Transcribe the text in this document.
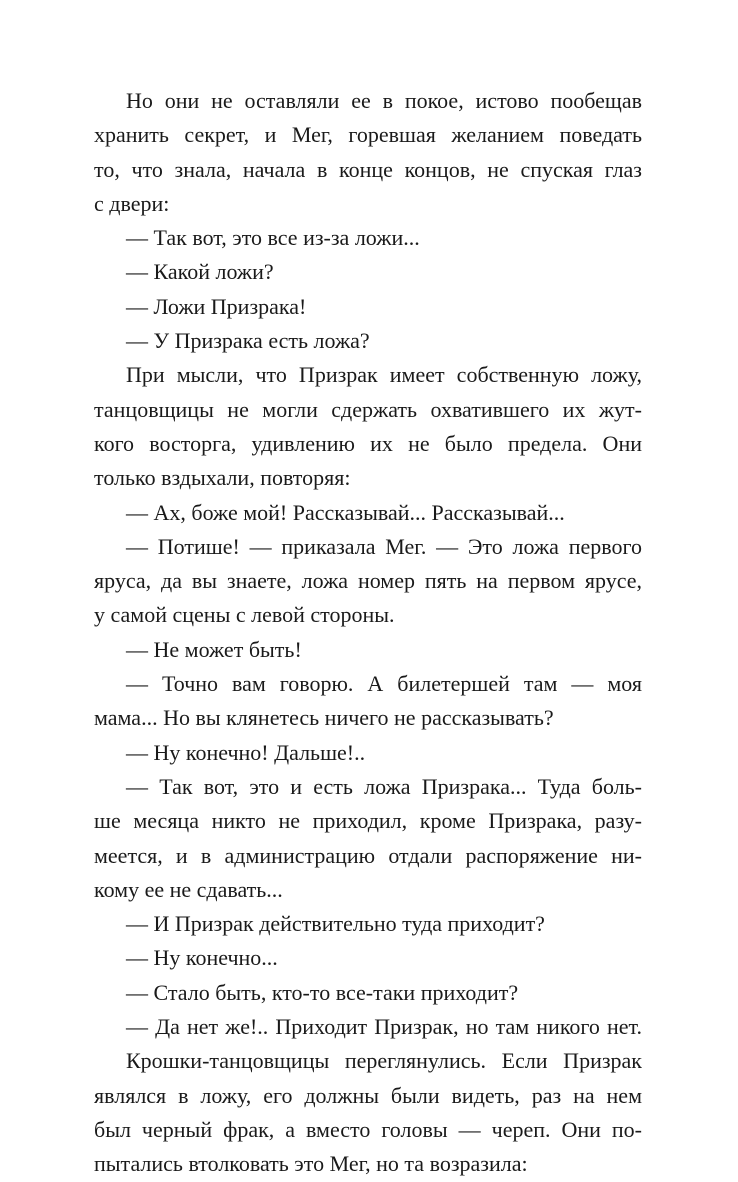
Но они не оставляли ее в покое, истово пообещав
хранить секрет, и Мег, горевшая желанием поведать
то, что знала, начала в конце концов, не спуская глаз
с двери:
— Так вот, это все из-за ложи...
— Какой ложи?
— Ложи Призрака!
— У Призрака есть ложа?
При мысли, что Призрак имеет собственную ложу,
танцовщицы не могли сдержать охватившего их жут-
кого восторга, удивлению их не было предела. Они
только вздыхали, повторяя:
— Ах, боже мой! Рассказывай... Рассказывай...
— Потише! — приказала Мег. — Это ложа первого
яруса, да вы знаете, ложа номер пять на первом ярусе,
у самой сцены с левой стороны.
— Не может быть!
— Точно вам говорю. А билетершей там — моя
мама... Но вы клянетесь ничего не рассказывать?
— Ну конечно! Дальше!..
— Так вот, это и есть ложа Призрака... Туда боль-
ше месяца никто не приходил, кроме Призрака, разу-
меется, и в администрацию отдали распоряжение ни-
кому ее не сдавать...
— И Призрак действительно туда приходит?
— Ну конечно...
— Стало быть, кто-то все-таки приходит?
— Да нет же!.. Приходит Призрак, но там никого нет.
Крошки-танцовщицы переглянулись. Если Призрак
являлся в ложу, его должны были видеть, раз на нем
был черный фрак, а вместо головы — череп. Они по-
пытались втолковать это Мег, но та возразила:
